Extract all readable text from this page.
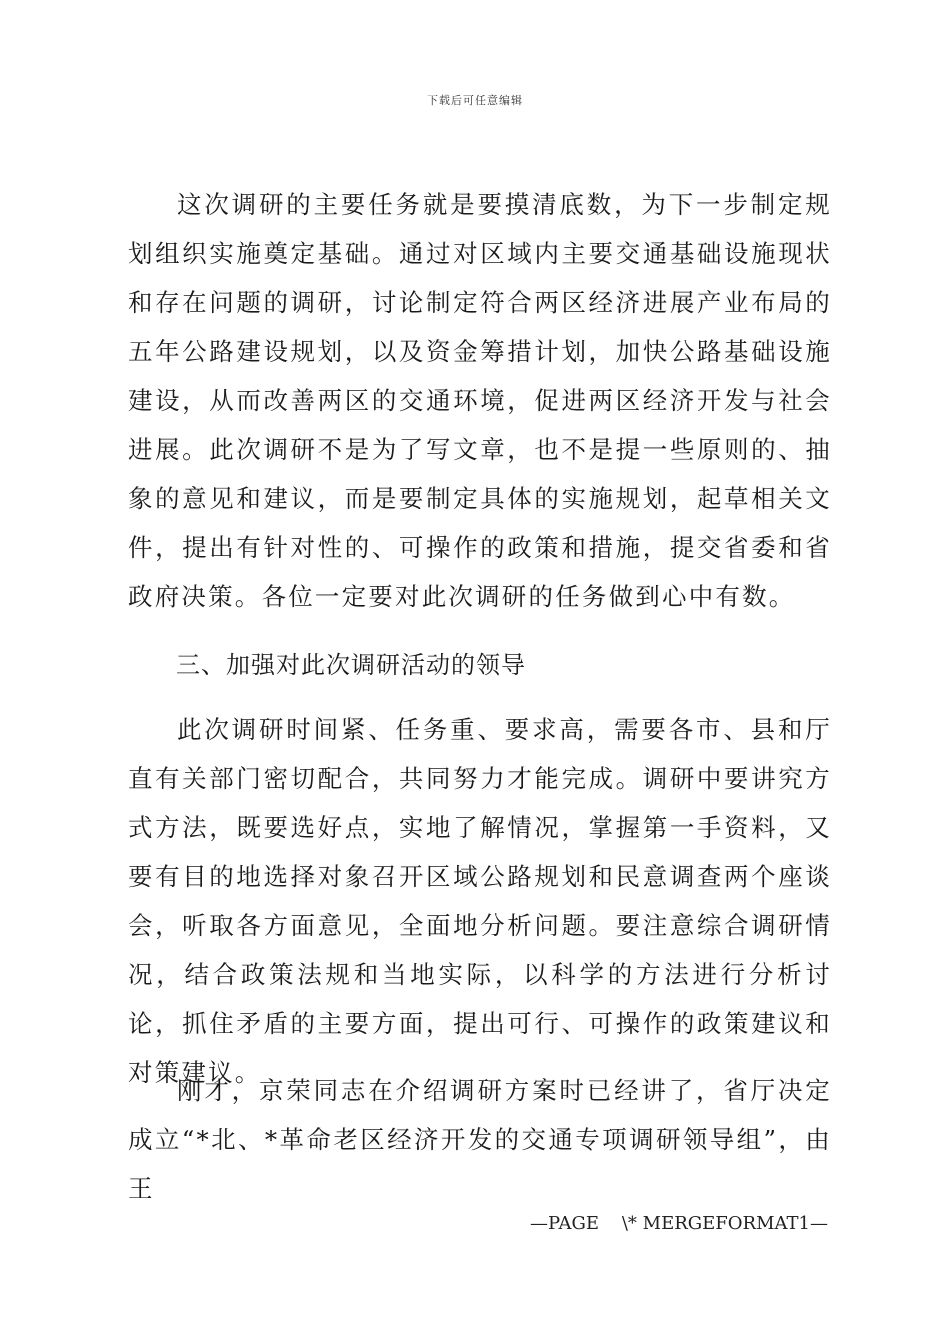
下载后可任意编辑

这次调研的主要任务就是要摸清底数，为下一步制定规划组织实施奠定基础。通过对区域内主要交通基础设施现状和存在问题的调研，讨论制定符合两区经济进展产业布局的五年公路建设规划，以及资金筹措计划，加快公路基础设施建设，从而改善两区的交通环境，促进两区经济开发与社会进展。此次调研不是为了写文章，也不是提一些原则的、抽象的意见和建议，而是要制定具体的实施规划，起草相关文件，提出有针对性的、可操作的政策和措施，提交省委和省政府决策。各位一定要对此次调研的任务做到心中有数。

三、加强对此次调研活动的领导

此次调研时间紧、任务重、要求高，需要各市、县和厅直有关部门密切配合，共同努力才能完成。调研中要讲究方式方法，既要选好点，实地了解情况，掌握第一手资料，又要有目的地选择对象召开区域公路规划和民意调查两个座谈会，听取各方面意见，全面地分析问题。要注意综合调研情况，结合政策法规和当地实际，以科学的方法进行分析讨论，抓住矛盾的主要方面，提出可行、可操作的政策建议和对策建议。

刚才，京荣同志在介绍调研方案时已经讲了，省厅决定成立“*北、*革命老区经济开发的交通专项调研领导组”，由王

—PAGE    \* MERGEFORMAT1—
